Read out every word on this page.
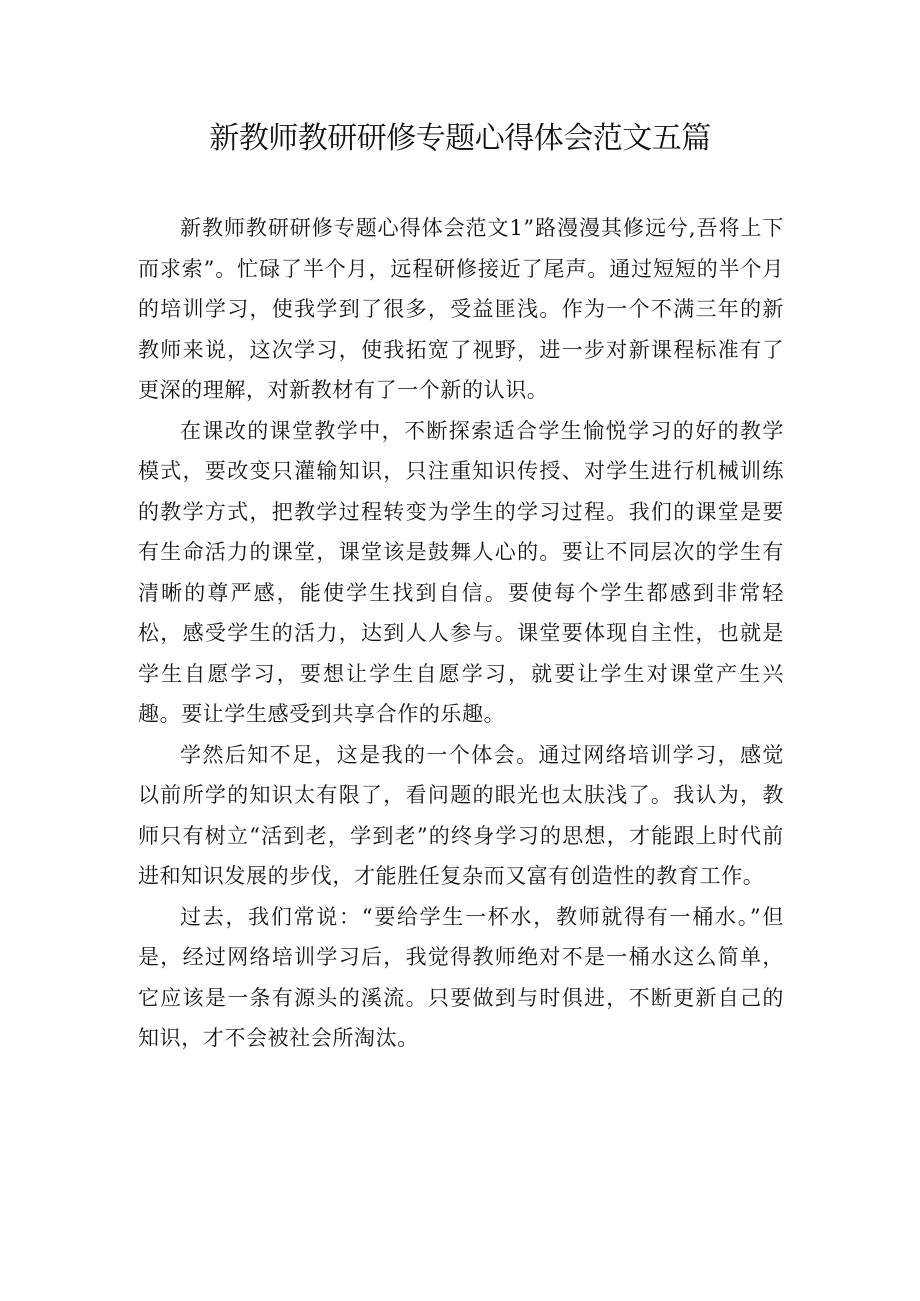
新教师教研研修专题心得体会范文五篇

新教师教研研修专题心得体会范文1”路漫漫其修远兮,吾将上下而求索”。忙碌了半个月，远程研修接近了尾声。通过短短的半个月的培训学习，使我学到了很多，受益匪浅。作为一个不满三年的新教师来说，这次学习，使我拓宽了视野，进一步对新课程标准有了更深的理解，对新教材有了一个新的认识。

在课改的课堂教学中，不断探索适合学生愉悦学习的好的教学模式，要改变只灌输知识，只注重知识传授、对学生进行机械训练的教学方式，把教学过程转变为学生的学习过程。我们的课堂是要有生命活力的课堂，课堂该是鼓舞人心的。要让不同层次的学生有清晰的尊严感，能使学生找到自信。要使每个学生都感到非常轻松，感受学生的活力，达到人人参与。课堂要体现自主性，也就是学生自愿学习，要想让学生自愿学习，就要让学生对课堂产生兴趣。要让学生感受到共享合作的乐趣。

学然后知不足，这是我的一个体会。通过网络培训学习，感觉以前所学的知识太有限了，看问题的眼光也太肤浅了。我认为，教师只有树立“活到老，学到老”的终身学习的思想，才能跟上时代前进和知识发展的步伐，才能胜任复杂而又富有创造性的教育工作。

过去，我们常说：“要给学生一杯水，教师就得有一桶水。”但是，经过网络培训学习后，我觉得教师绝对不是一桶水这么简单，它应该是一条有源头的溪流。只要做到与时俱进，不断更新自己的知识，才不会被社会所淘汰。
